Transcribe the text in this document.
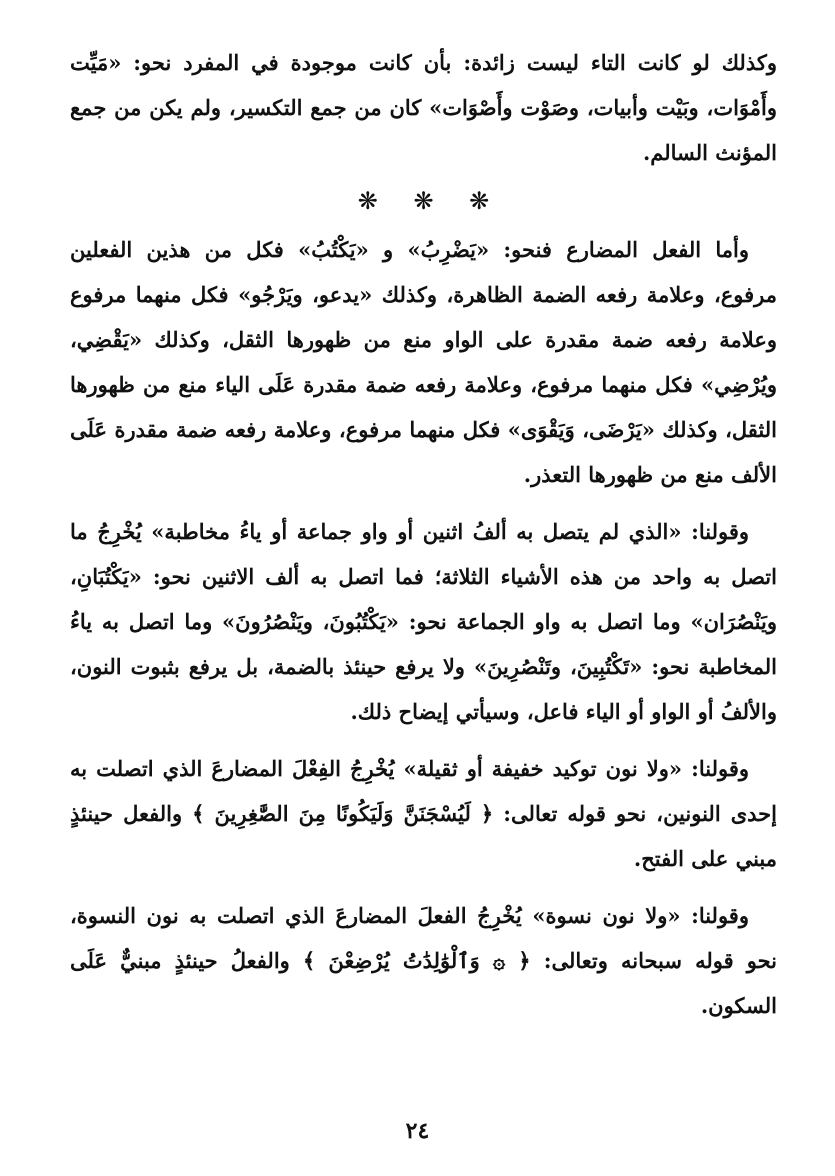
وكذلك لو كانت التاء ليست زائدة: بأن كانت موجودة في المفرد نحو: «مَيِّت وأَمْوَات، وبَيْت وأبيات، وصَوْت وأَصْوَات» كان من جمع التكسير، ولم يكن من جمع المؤنث السالم.

❋ ❋ ❋

وأما الفعل المضارع فنحو: «يَضْرِبُ» و «يَكْتُبُ» فكل من هذين الفعلين مرفوع، وعلامة رفعه الضمة الظاهرة، وكذلك «يدعو، ويَرْجُو» فكل منهما مرفوع وعلامة رفعه ضمة مقدرة على الواو منع من ظهورها الثقل، وكذلك «يَقْضِي، ويُرْضِي» فكل منهما مرفوع، وعلامة رفعه ضمة مقدرة عَلَى الياء منع من ظهورها الثقل، وكذلك «يَرْضَى، وَيَقْوَى» فكل منهما مرفوع، وعلامة رفعه ضمة مقدرة عَلَى الألف منع من ظهورها التعذر.

وقولنا: «الذي لم يتصل به ألفُ اثنين أو واو جماعة أو ياءُ مخاطبة» يُخْرِجُ ما اتصل به واحد من هذه الأشياء الثلاثة؛ فما اتصل به ألف الاثنين نحو: «يَكْتُبَانِ، ويَنْصُرَان» وما اتصل به واو الجماعة نحو: «يَكْتُبُونَ، ويَنْصُرُونَ» وما اتصل به ياءُ المخاطبة نحو: «تَكْتُبِينَ، وتَنْصُرِينَ» ولا يرفع حينئذ بالضمة، بل يرفع بثبوت النون، والألفُ أو الواو أو الياء فاعل، وسيأتي إيضاح ذلك.

وقولنا: «ولا نون توكيد خفيفة أو ثقيلة» يُخْرِجُ الفِعْلَ المضارعَ الذي اتصلت به إحدى النونين، نحو قوله تعالى: ﴿ لَيُسْجَنَنَّ وَلَيَكُونًا مِنَ الصَّٰغِرِينَ ﴾ والفعل حينئذٍ مبني على الفتح.

وقولنا: «ولا نون نسوة» يُخْرِجُ الفعلَ المضارعَ الذي اتصلت به نون النسوة، نحو قوله سبحانه وتعالى: ﴿ ۞ وَٱلْوَٰلِدَٰتُ يُرْضِعْنَ ﴾ والفعلُ حينئذٍ مبنيٌّ عَلَى السكون.

٢٤
